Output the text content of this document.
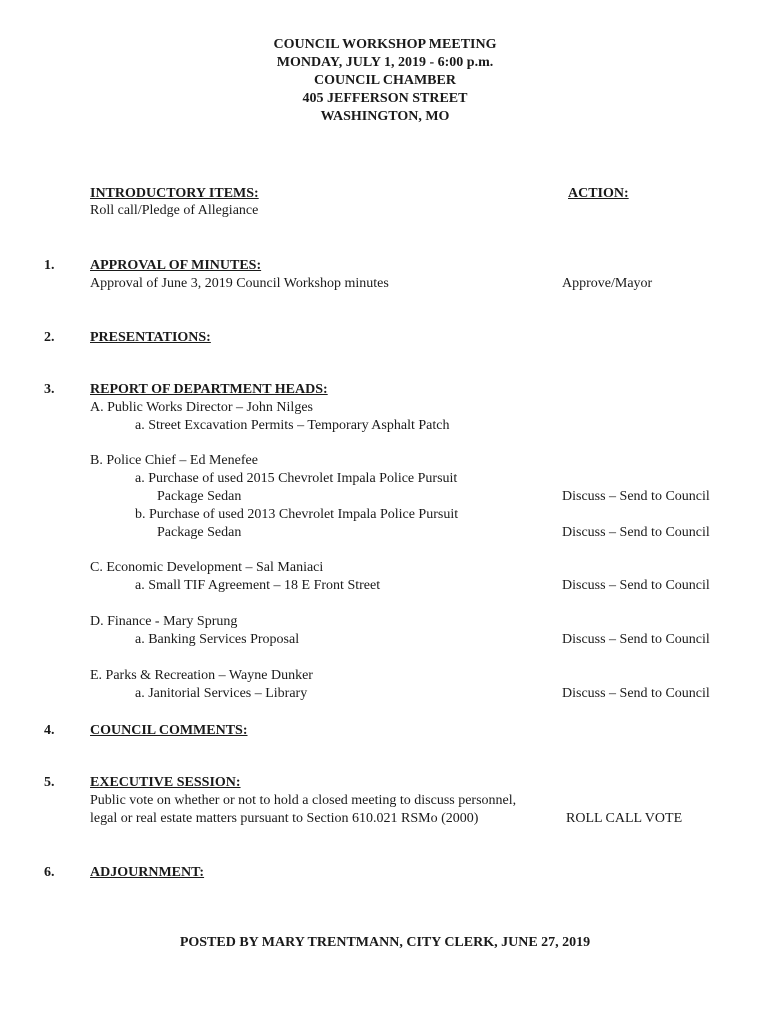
COUNCIL WORKSHOP MEETING
MONDAY, JULY 1, 2019 - 6:00 p.m.
COUNCIL CHAMBER
405 JEFFERSON STREET
WASHINGTON, MO
INTRODUCTORY ITEMS:	ACTION:
Roll call/Pledge of Allegiance
1.	APPROVAL OF MINUTES:
Approval of June 3, 2019 Council Workshop minutes	Approve/Mayor
2.	PRESENTATIONS:
3.	REPORT OF DEPARTMENT HEADS:
A. Public Works Director – John Nilges
a. Street Excavation Permits – Temporary Asphalt Patch
B. Police Chief – Ed Menefee
a. Purchase of used 2015 Chevrolet Impala Police Pursuit
Package Sedan	Discuss – Send to Council
b. Purchase of used 2013 Chevrolet Impala Police Pursuit
Package Sedan	Discuss – Send to Council
C. Economic Development – Sal Maniaci
a. Small TIF Agreement – 18 E Front Street	Discuss – Send to Council
D. Finance - Mary Sprung
a. Banking Services Proposal	Discuss – Send to Council
E. Parks & Recreation – Wayne Dunker
a. Janitorial Services – Library	Discuss – Send to Council
4.	COUNCIL COMMENTS:
5.	EXECUTIVE SESSION:
Public vote on whether or not to hold a closed meeting to discuss personnel,
legal or real estate matters pursuant to Section 610.021 RSMo (2000)	ROLL CALL VOTE
6.	ADJOURNMENT:
POSTED BY MARY TRENTMANN, CITY CLERK, JUNE 27, 2019
